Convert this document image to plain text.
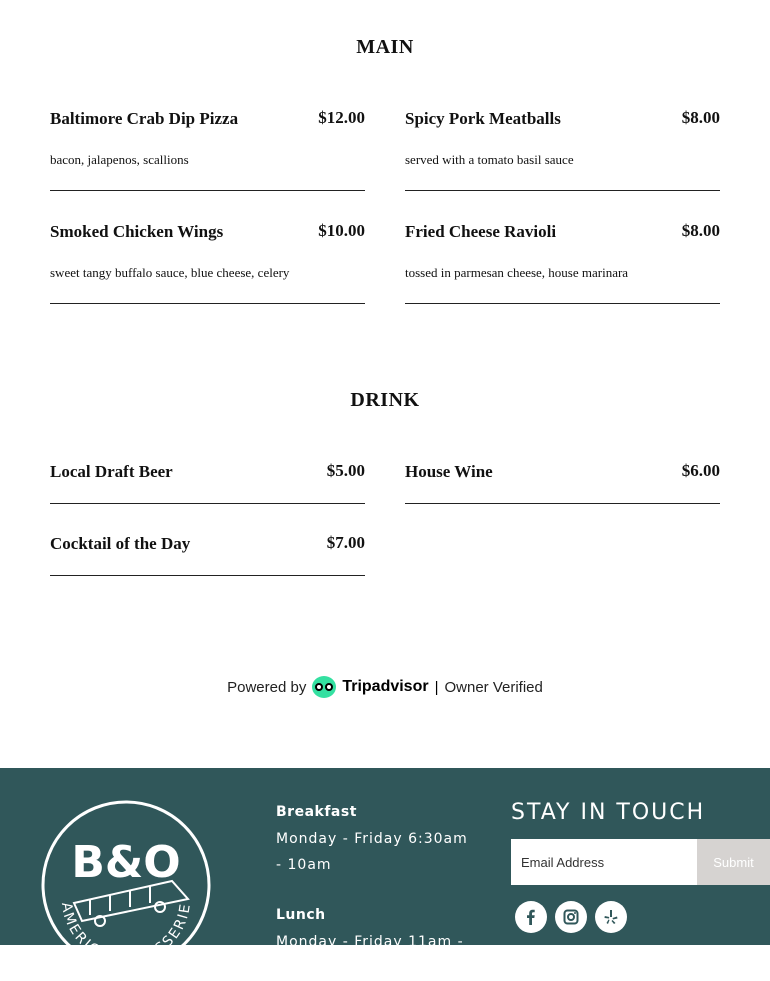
MAIN
Baltimore Crab Dip Pizza	$12.00
bacon, jalapenos, scallions
Spicy Pork Meatballs	$8.00
served with a tomato basil sauce
Smoked Chicken Wings	$10.00
sweet tangy buffalo sauce, blue cheese, celery
Fried Cheese Ravioli	$8.00
tossed in parmesan cheese, house marinara
DRINK
Local Draft Beer	$5.00 House Wine	$6.00
Cocktail of the Day	$7.00
Powered by Tripadvisor | Owner Verified
B&O
AMERICAN BRASSERIE
Breakfast
Monday - Friday 6:30am - 10am
Lunch
Monday - Friday 11am - 2pm
STAY IN TOUCH
Email Address
Submit
